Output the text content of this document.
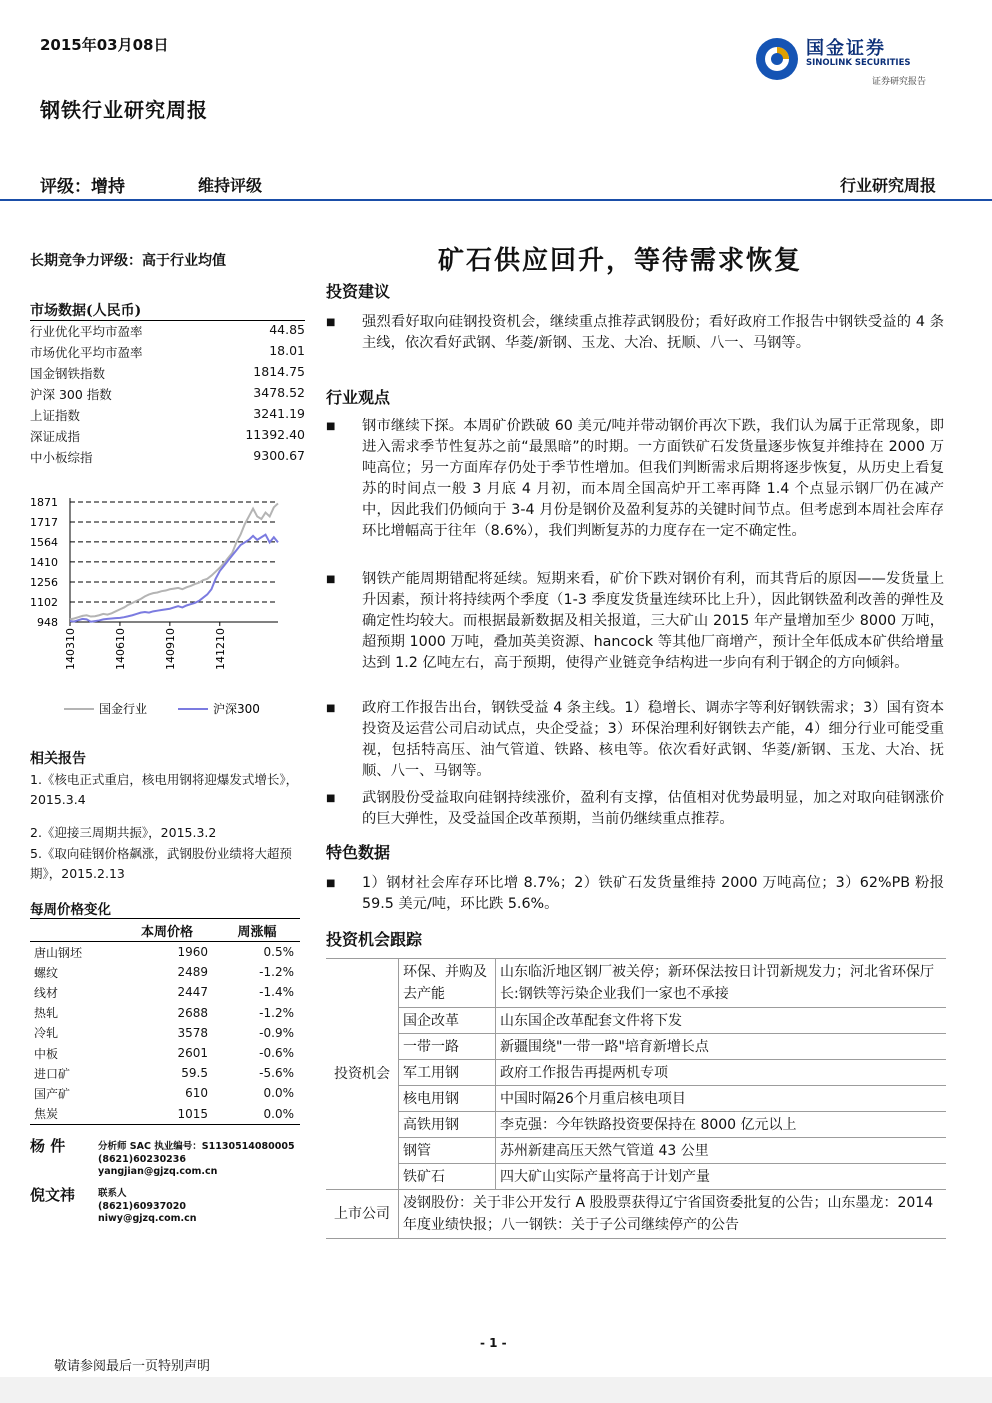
2015年03月08日
钢铁行业研究周报
国金证券
SINOLINK SECURITIES
证券研究报告
评级：增持	维持评级	行业研究周报
长期竞争力评级：高于行业均值
市场数据(人民币)
行业优化平均市盈率	44.85
市场优化平均市盈率	18.01
国金钢铁指数	1814.75
沪深 300 指数	3478.52
上证指数	3241.19
深证成指	11392.40
中小板综指	9300.67
948
1102
1256
1410
1564
1717
1871
140310	140610	140910	141210
国金行业	沪深300
相关报告
1.《核电正式重启，核电用钢将迎爆发式增长》，2015.3.4
2.《迎接三周期共振》，2015.3.2
5.《取向硅钢价格飙涨，武钢股份业绩将大超预期》，2015.2.13
每周价格变化
	本周价格	周涨幅
唐山钢坯	1960	0.5%
螺纹	2489	-1.2%
线材	2447	-1.4%
热轧	2688	-1.2%
冷轧	3578	-0.9%
中板	2601	-0.6%
进口矿	59.5	-5.6%
国产矿	610	0.0%
焦炭	1015	0.0%
杨 件	分析师 SAC 执业编号：S1130514080005
(8621)60230236
yangjian@gjzq.com.cn
倪文祎 联系人
(8621)60937020
niwy@gjzq.com.cn
矿石供应回升，等待需求恢复
投资建议
■ 强烈看好取向硅钢投资机会，继续重点推荐武钢股份；看好政府工作报告中钢铁受益的 4 条主线，依次看好武钢、华菱/新钢、玉龙、大冶、抚顺、八一、马钢等。
行业观点
■ 钢市继续下探。本周矿价跌破 60 美元/吨并带动钢价再次下跌，我们认为属于正常现象，即进入需求季节性复苏之前“最黑暗”的时期。一方面铁矿石发货量逐步恢复并维持在 2000 万吨高位；另一方面库存仍处于季节性增加。但我们判断需求后期将逐步恢复，从历史上看复苏的时间点一般 3 月底 4 月初，而本周全国高炉开工率再降 1.4 个点显示钢厂仍在减产中，因此我们仍倾向于 3-4 月份是钢价及盈利复苏的关键时间节点。但考虑到本周社会库存环比增幅高于往年（8.6%），我们判断复苏的力度存在一定不确定性。
■ 钢铁产能周期错配将延续。短期来看，矿价下跌对钢价有利，而其背后的原因——发货量上升因素，预计将持续两个季度（1-3 季度发货量连续环比上升），因此钢铁盈利改善的弹性及确定性均较大。而根据最新数据及相关报道，三大矿山 2015 年产量增加至少 8000 万吨，超预期 1000 万吨，叠加英美资源、hancock 等其他厂商增产，预计全年低成本矿供给增量达到 1.2 亿吨左右，高于预期，使得产业链竞争结构进一步向有利于钢企的方向倾斜。
■ 政府工作报告出台，钢铁受益 4 条主线。1）稳增长、调赤字等利好钢铁需求；3）国有资本投资及运营公司启动试点，央企受益；3）环保治理利好钢铁去产能，4）细分行业可能受重视，包括特高压、油气管道、铁路、核电等。依次看好武钢、华菱/新钢、玉龙、大冶、抚顺、八一、马钢等。
■ 武钢股份受益取向硅钢持续涨价，盈利有支撑，估值相对优势最明显，加之对取向硅钢涨价的巨大弹性，及受益国企改革预期，当前仍继续重点推荐。
特色数据
■ 1）钢材社会库存环比增 8.7%；2）铁矿石发货量维持 2000 万吨高位；3）62%PB 粉报 59.5 美元/吨，环比跌 5.6%。
投资机会跟踪
投资机会	环保、并购及去产能	山东临沂地区钢厂被关停；新环保法按日计罚新规发力；河北省环保厅长:钢铁等污染企业我们一家也不承接
	国企改革	山东国企改革配套文件将下发
	一带一路	新疆围绕"一带一路"培育新增长点
	军工用钢	政府工作报告再提两机专项
	核电用钢	中国时隔26个月重启核电项目
	高铁用钢	李克强：今年铁路投资要保持在 8000 亿元以上
	钢管	苏州新建高压天然气管道 43 公里
	铁矿石	四大矿山实际产量将高于计划产量
上市公司	凌钢股份：关于非公开发行 A 股股票获得辽宁省国资委批复的公告；山东墨龙：2014 年度业绩快报；八一钢铁：关于子公司继续停产的公告	
- 1 -
敬请参阅最后一页特别声明
